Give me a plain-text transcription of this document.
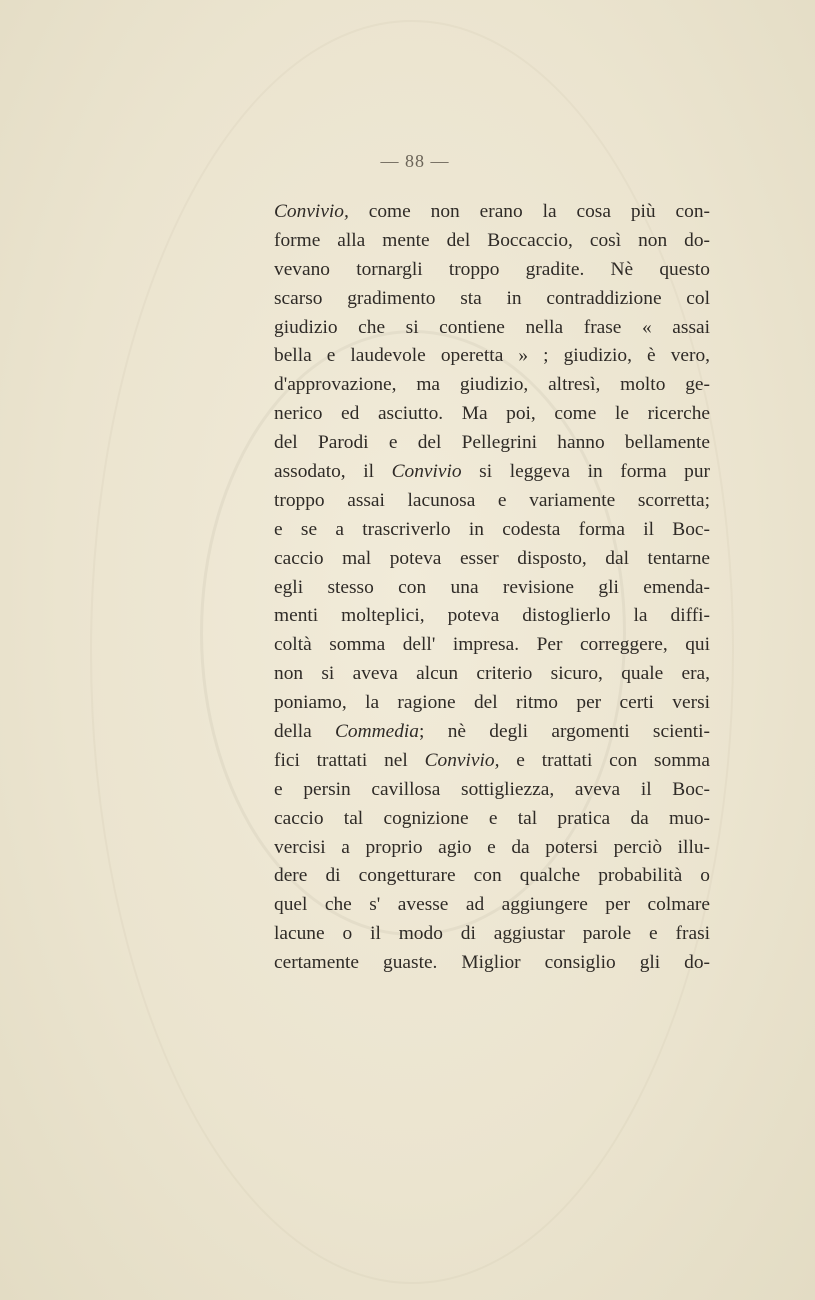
— 88 —
Convivio, come non erano la cosa più con-
forme alla mente del Boccaccio, così non do-
vevano tornargli troppo gradite. Nè questo
scarso gradimento sta in contraddizione col
giudizio che si contiene nella frase « assai
bella e laudevole operetta » ; giudizio, è vero,
d'approvazione, ma giudizio, altresì, molto ge-
nerico ed asciutto. Ma poi, come le ricerche
del Parodi e del Pellegrini hanno bellamente
assodato, il Convivio si leggeva in forma pur
troppo assai lacunosa e variamente scorretta;
e se a trascriverlo in codesta forma il Boc-
caccio mal poteva esser disposto, dal tentarne
egli stesso con una revisione gli emenda-
menti molteplici, poteva distoglierlo la diffi-
coltà somma dell' impresa. Per correggere, qui
non si aveva alcun criterio sicuro, quale era,
poniamo, la ragione del ritmo per certi versi
della Commedia; nè degli argomenti scienti-
fici trattati nel Convivio, e trattati con somma
e persin cavillosa sottigliezza, aveva il Boc-
caccio tal cognizione e tal pratica da muo-
vercisi a proprio agio e da potersi perciò illu-
dere di congetturare con qualche probabilità o
quel che s' avesse ad aggiungere per colmare
lacune o il modo di aggiustar parole e frasi
certamente guaste. Miglior consiglio gli do-
